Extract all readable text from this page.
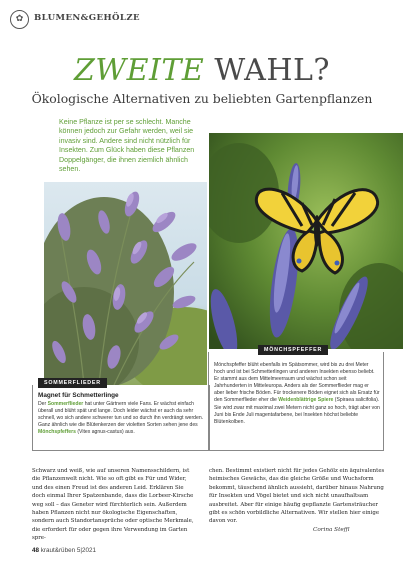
✿	BLUMEN&GEHÖLZE
ZWEITE WAHL?
Ökologische Alternativen zu beliebten Gartenpflanzen
Keine Pflanze ist per se schlecht. Manche können jedoch zur Gefahr werden, weil sie invasiv sind. Andere sind nicht nützlich für Insekten. Zum Glück haben diese Pflanzen Doppelgänger, die ihnen ziemlich ähnlich sehen.
SOMMERFLIEDER
MÖNCHSPFEFFER
Magnet für Schmetterlinge
Der Sommerflieder hat unter Gärtnern viele Fans. Er wächst einfach überall und blüht spät und lange. Doch leider wächst er auch da sehr schnell, wo sich andere schwerer tun und so durch ihn verdrängt werden. Ganz ähnlich wie die Blütenkerzen der violetten Sorten sehen jene des Mönchspfeffers (Vitex agnus-castus) aus.
Mönchspfeffer blüht ebenfalls im Spätsommer, wird bis zu drei Meter hoch und ist bei Schmetterlingen und anderen Insekten ebenso beliebt. Er stammt aus dem Mittelmeerraum und wächst schon seit Jahrhunderten in Mitteleuropa. Anders als der Sommerflieder mag er aber lieber frische Böden. Für trockenere Böden eignet sich als Ersatz für den Sommerflieder eher die Weidenblättrige Spiere (Spiraea salicifolia). Sie wird zwar mit maximal zwei Metern nicht ganz so hoch, trägt aber von Juni bis Ende Juli magentafarbene, bei Insekten höchst beliebte Blütenkolben.
Schwarz und weiß, wie auf unseren Namensschildern, ist die Pflanzenwelt nicht. Wie so oft gibt es Für und Wider, und des einen Freud ist des anderen Leid. Erklären Sie doch einmal Ihrer Spatzenbande, dass die Lorbeer-Kirsche weg soll – das Geneter wird fürchterlich sein. Außerdem haben Pflanzen nicht nur ökologische Eigenschaften, sondern auch Standortansprüche oder optische Merkmale, die erfordert für oder gegen ihre Verwendung im Garten spre-
chen. Bestimmt existiert nicht für jedes Gehölz ein äquivalentes heimisches Gewächs, das die gleiche Größe und Wuchsform bekommt, täuschend ähnlich aussieht, darüber hinaus Nahrung für Insekten und Vögel bietet und sich nicht unaufhaltsam ausbreitet. Aber für einige häufig gepflanzte Gartensträucher gibt es schön vorbildliche Alternativen. Wir stellen hier einige davon vor.
Corina Steffl
48 kraut&rüben 5|2021
